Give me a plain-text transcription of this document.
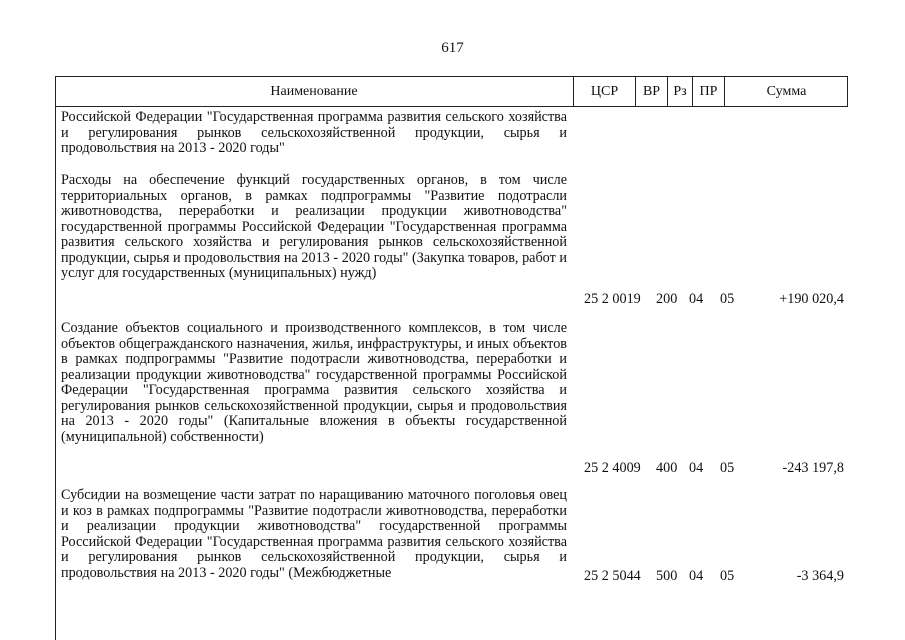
617
Наименование	ЦСР	ВР Рз ПР	Сумма
Российской Федерации "Государственная программа развития сельского хозяйства и регулирования рынков сельскохозяйственной продукции, сырья и продовольствия на 2013 - 2020 годы"
Расходы на обеспечение функций государственных органов, в том числе территориальных органов, в рамках подпрограммы "Развитие подотрасли животноводства, переработки и реализации продукции животноводства" государственной программы Российской Федерации "Государственная программа развития сельского хозяйства и регулирования рынков сельскохозяйственной продукции, сырья и продовольствия на 2013 - 2020 годы" (Закупка товаров, работ и услуг для государственных (муниципальных) нужд)
25 2 0019 200 04 05	+190 020,4
Создание объектов социального и производственного комплексов, в том числе объектов общегражданского назначения, жилья, инфраструктуры, и иных объектов в рамках подпрограммы "Развитие подотрасли животноводства, переработки и реализации продукции животноводства" государственной программы Российской Федерации "Государственная программа развития сельского хозяйства и регулирования рынков сельскохозяйственной продукции, сырья и продовольствия на 2013 - 2020 годы" (Капитальные вложения в объекты государственной (муниципальной) собственности)
25 2 4009 400 04 05	-243 197,8
Субсидии на возмещение части затрат по наращиванию маточного поголовья овец и коз в рамках подпрограммы "Развитие подотрасли животноводства, переработки и реализации продукции животноводства" государственной программы Российской Федерации "Государственная программа развития сельского хозяйства и регулирования рынков сельскохозяйственной продукции, сырья и продовольствия на 2013 - 2020 годы" (Межбюджетные	25 2 5044 500 04 05	-3 364,9
